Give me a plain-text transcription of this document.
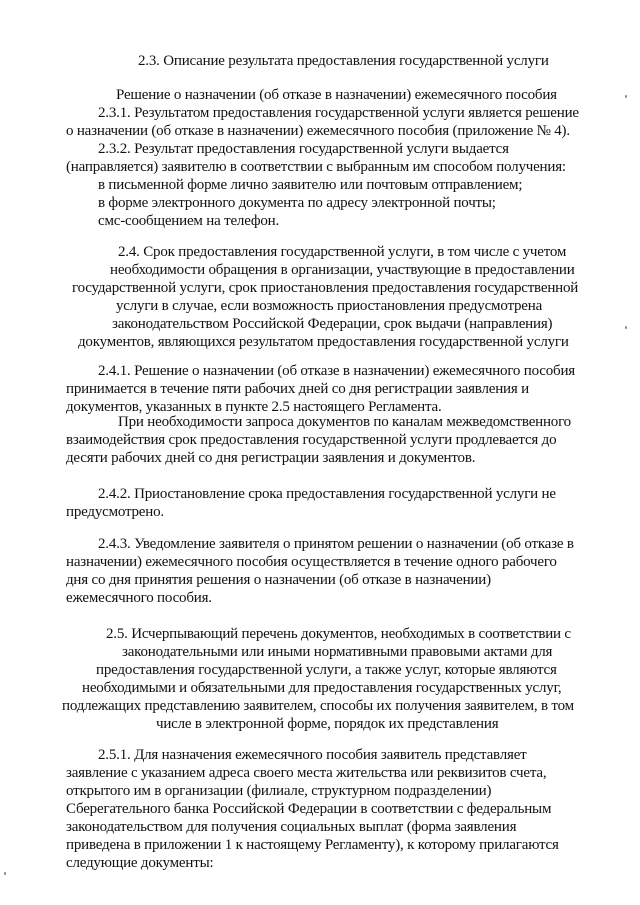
2.3. Описание результата предоставления государственной услуги
Решение о назначении (об отказе в назначении) ежемесячного пособия
2.3.1. Результатом предоставления государственной услуги является решение
о назначении (об отказе в назначении) ежемесячного пособия (приложение № 4).
2.3.2. Результат предоставления государственной услуги выдается
(направляется) заявителю в соответствии с выбранным им способом получения:
в письменной форме лично заявителю или почтовым отправлением;
в форме электронного документа по адресу электронной почты;
смс-сообщением на телефон.
2.4. Срок предоставления государственной услуги, в том числе с учетом
необходимости обращения в организации, участвующие в предоставлении
государственной услуги, срок приостановления предоставления государственной
услуги в случае, если возможность приостановления предусмотрена
законодательством Российской Федерации, срок выдачи (направления)
документов, являющихся результатом предоставления государственной услуги
2.4.1. Решение о назначении (об отказе в назначении) ежемесячного пособия
принимается в течение пяти рабочих дней со дня регистрации заявления и
документов, указанных в пункте 2.5 настоящего Регламента.
При необходимости запроса документов по каналам межведомственного
взаимодействия срок предоставления государственной услуги продлевается до
десяти рабочих дней со дня регистрации заявления и документов.
2.4.2. Приостановление срока предоставления государственной услуги не
предусмотрено.
2.4.3. Уведомление заявителя о принятом решении о назначении (об отказе в
назначении) ежемесячного пособия осуществляется в течение одного рабочего
дня со дня принятия решения о назначении (об отказе в назначении)
ежемесячного пособия.
2.5. Исчерпывающий перечень документов, необходимых в соответствии с
законодательными или иными нормативными правовыми актами для
предоставления государственной услуги, а также услуг, которые являются
необходимыми и обязательными для предоставления государственных услуг,
подлежащих представлению заявителем, способы их получения заявителем, в том
числе в электронной форме, порядок их представления
2.5.1. Для назначения ежемесячного пособия заявитель представляет
заявление с указанием адреса своего места жительства или реквизитов счета,
открытого им в организации (филиале, структурном подразделении)
Сберегательного банка Российской Федерации в соответствии с федеральным
законодательством для получения социальных выплат (форма заявления
приведена в приложении 1 к настоящему Регламенту), к которому прилагаются
следующие документы:
